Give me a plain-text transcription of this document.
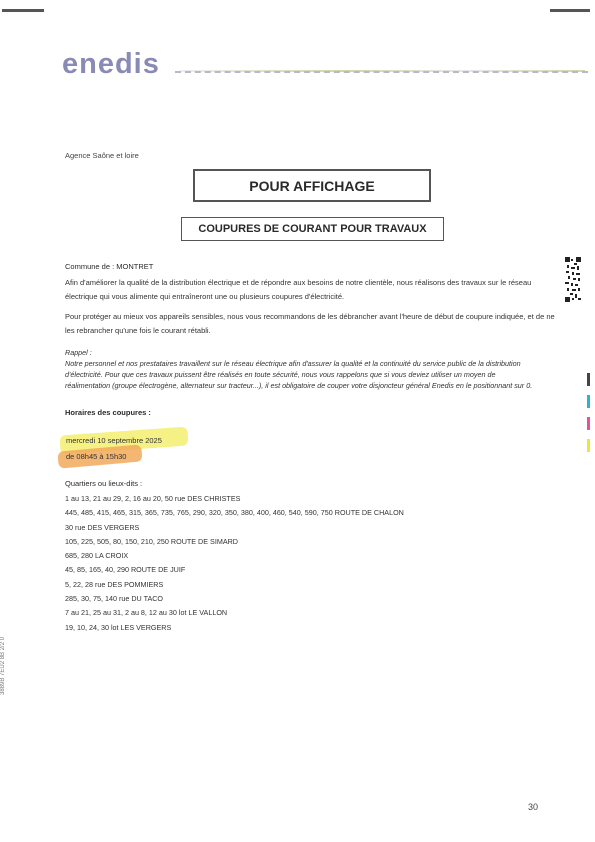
enedis
Agence Saône et loire
POUR AFFICHAGE
COUPURES DE COURANT POUR TRAVAUX
Commune de : MONTRET
Afin d'améliorer la qualité de la distribution électrique et de répondre aux besoins de notre clientèle, nous réalisons des travaux sur le réseau électrique qui vous alimente qui entraîneront une ou plusieurs coupures d'électricité.
Pour protéger au mieux vos appareils sensibles, nous vous recommandons de les débrancher avant l'heure de début de coupure indiquée, et de ne les rebrancher qu'une fois le courant rétabli.
Rappel :
Notre personnel et nos prestataires travaillent sur le réseau électrique afin d'assurer la qualité et la continuité du service public de la distribution d'électricité. Pour que ces travaux puissent être réalisés en toute sécurité, nous vous rappelons que si vous deviez utiliser un moyen de réalimentation (groupe électrogène, alternateur sur tracteur...), il est obligatoire de couper votre disjoncteur général Enedis en le positionnant sur 0.
Horaires des coupures :
mercredi 10 septembre 2025
de 08h45 à 15h30
Quartiers ou lieux-dits :
1 au 13, 21 au 29, 2, 16 au 20, 50 rue DES CHRISTES
445, 485, 415, 465, 315, 365, 735, 765, 290, 320, 350, 380, 400, 460, 540, 590, 750 ROUTE DE CHALON
30 rue DES VERGERS
105, 225, 505, 80, 150, 210, 250 ROUTE DE SIMARD
685, 280 LA CROIX
45, 85, 165, 40, 290 ROUTE DE JUIF
5, 22, 28 rue DES POMMIERS
285, 30, 75, 140 rue DU TACO
7 au 21, 25 au 31, 2 au 8, 12 au 30 lot LE VALLON
19, 10, 24, 30 lot LES VERGERS
3889B 7EU2 8B 2/2 0
30
